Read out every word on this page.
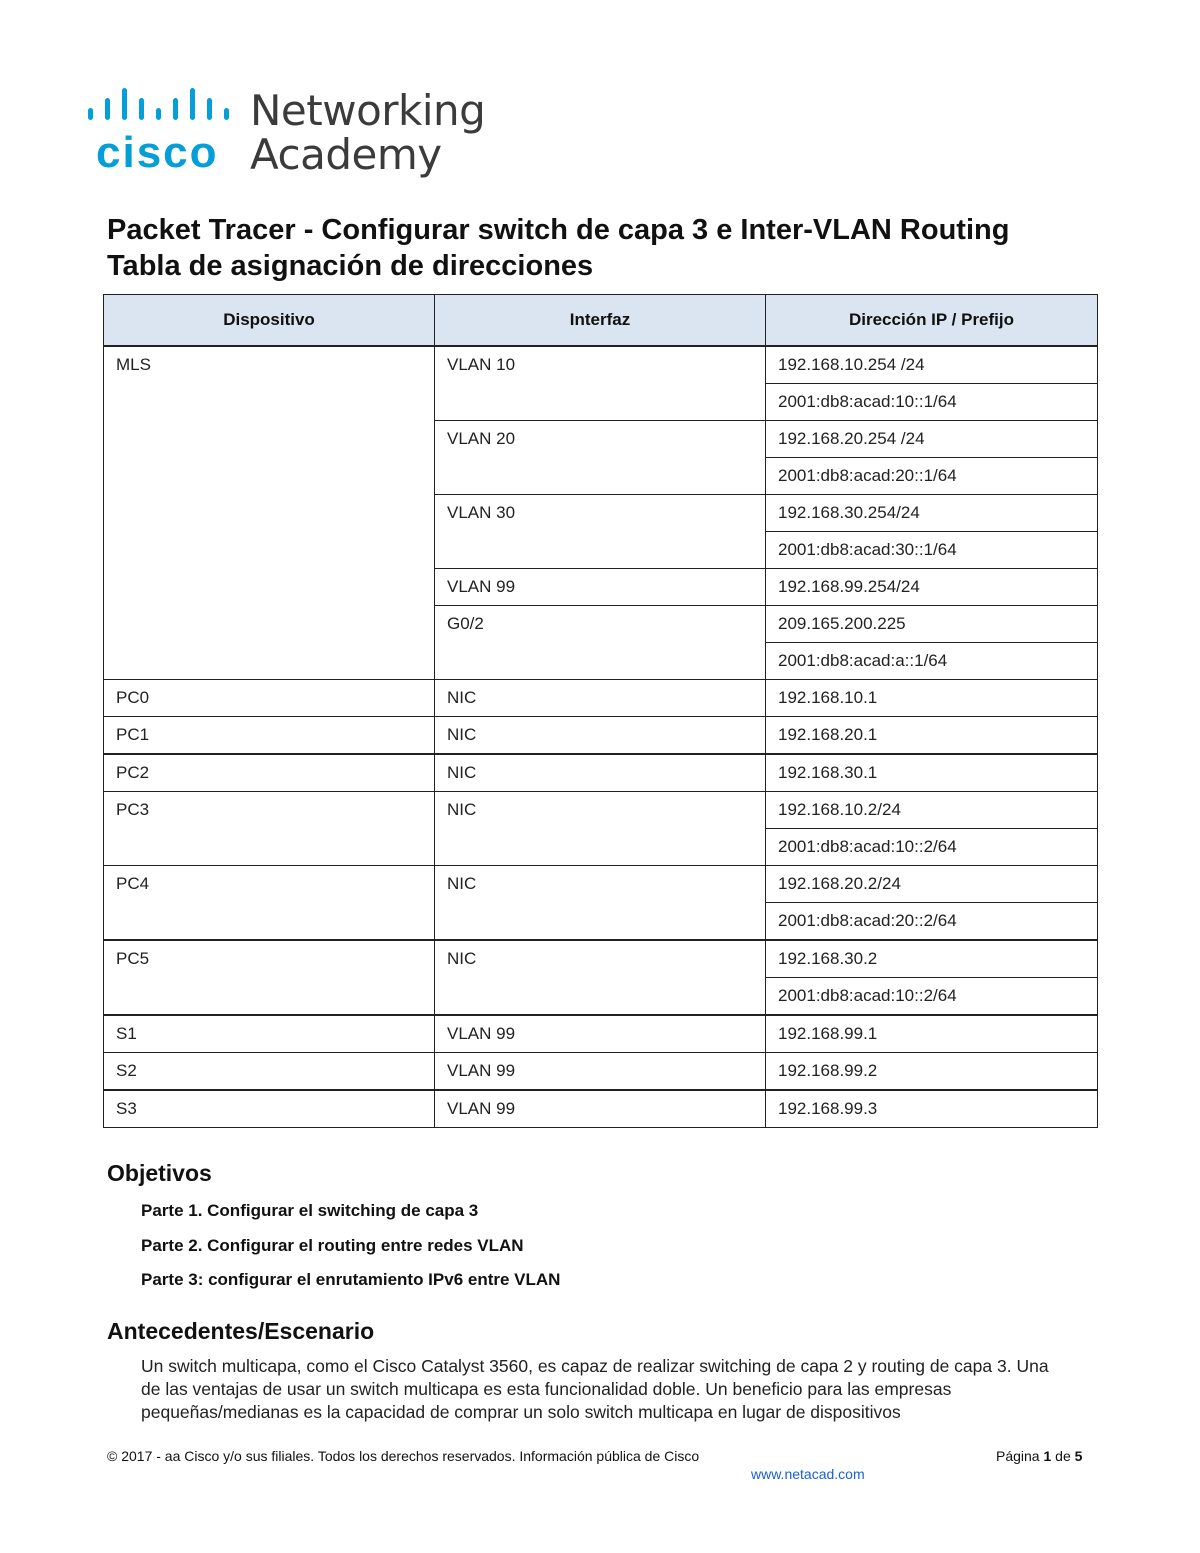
cisco
Networking
Academy
Packet Tracer - Configurar switch de capa 3 e Inter-VLAN Routing
Tabla de asignación de direcciones
Dispositivo	Interfaz	Dirección IP / Prefijo
MLS	VLAN 10	192.168.10.254 /24
		2001:db8:acad:10::1/64
	VLAN 20	192.168.20.254 /24
		2001:db8:acad:20::1/64
	VLAN 30	192.168.30.254/24
		2001:db8:acad:30::1/64
	VLAN 99	192.168.99.254/24
	G0/2	209.165.200.225
		2001:db8:acad:a::1/64
PC0	NIC	192.168.10.1
PC1	NIC	192.168.20.1
PC2	NIC	192.168.30.1
PC3	NIC	192.168.10.2/24
		2001:db8:acad:10::2/64
PC4	NIC	192.168.20.2/24
		2001:db8:acad:20::2/64
PC5	NIC	192.168.30.2
		2001:db8:acad:10::2/64
S1	VLAN 99	192.168.99.1
S2	VLAN 99	192.168.99.2
S3	VLAN 99	192.168.99.3
Objetivos

Parte 1. Configurar el switching de capa 3

Parte 2. Configurar el routing entre redes VLAN

Parte 3: configurar el enrutamiento IPv6 entre VLAN

Antecedentes/Escenario

Un switch multicapa, como el Cisco Catalyst 3560, es capaz de realizar switching de capa 2 y routing de capa 3. Una de las ventajas de usar un switch multicapa es esta funcionalidad doble. Un beneficio para las empresas pequeñas/medianas es la capacidad de comprar un solo switch multicapa en lugar de dispositivos

© 2017 - aa Cisco y/o sus filiales. Todos los derechos reservados. Información pública de Cisco	Página 1 de 5

www.netacad.com
